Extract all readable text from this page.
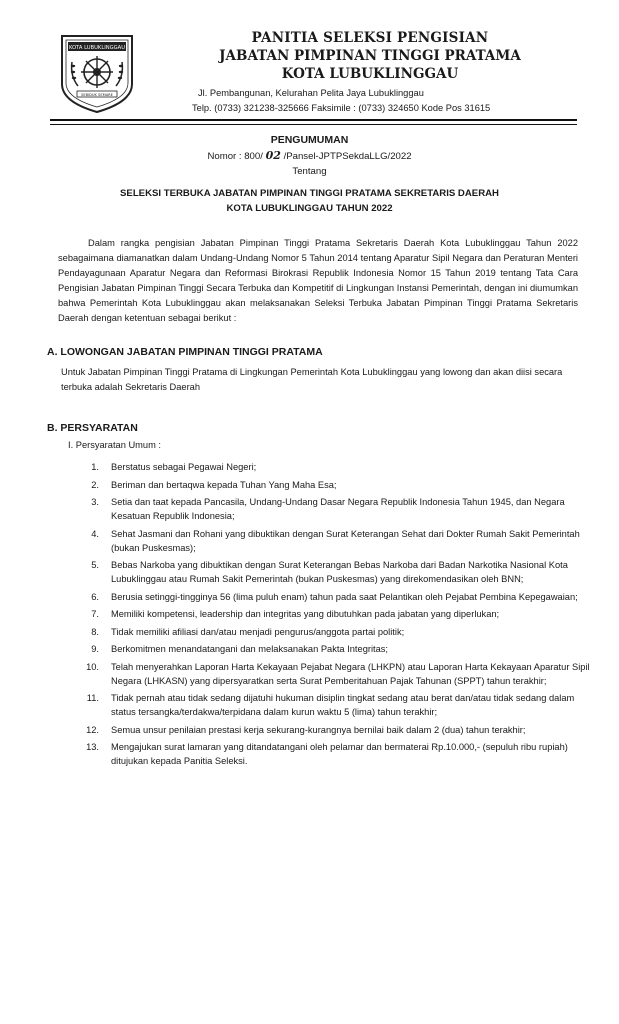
KOTA LUBUKLINGGAU
SEBIDUK SEMARE
PANITIA SELEKSI PENGISIAN
JABATAN PIMPINAN TINGGI PRATAMA
KOTA LUBUKLINGGAU
Jl. Pembangunan, Kelurahan Pelita Jaya Lubuklinggau
Telp. (0733) 321238-325666 Faksimile : (0733) 324650 Kode Pos 31615
PENGUMUMAN
Nomor : 800/ 02 /Pansel-JPTPSekdaLLG/2022
Tentang
SELEKSI TERBUKA JABATAN PIMPINAN TINGGI PRATAMA SEKRETARIS DAERAH
KOTA LUBUKLINGGAU TAHUN 2022
Dalam rangka pengisian Jabatan Pimpinan Tinggi Pratama Sekretaris Daerah Kota Lubuklinggau Tahun 2022 sebagaimana diamanatkan dalam Undang-Undang Nomor 5 Tahun 2014 tentang Aparatur Sipil Negara dan Peraturan Menteri Pendayagunaan Aparatur Negara dan Reformasi Birokrasi Republik Indonesia Nomor 15 Tahun 2019 tentang Tata Cara Pengisian Jabatan Pimpinan Tinggi Secara Terbuka dan Kompetitif di Lingkungan Instansi Pemerintah, dengan ini diumumkan bahwa Pemerintah Kota Lubuklinggau akan melaksanakan Seleksi Terbuka Jabatan Pimpinan Tinggi Pratama Sekretaris Daerah dengan ketentuan sebagai berikut :
A. LOWONGAN JABATAN PIMPINAN TINGGI PRATAMA
Untuk Jabatan Pimpinan Tinggi Pratama di Lingkungan Pemerintah Kota Lubuklinggau yang lowong dan akan diisi secara terbuka adalah Sekretaris Daerah
B. PERSYARATAN
I. Persyaratan Umum :
1.	Berstatus sebagai Pegawai Negeri;
2.	Beriman dan bertaqwa kepada Tuhan Yang Maha Esa;
3.	Setia dan taat kepada Pancasila, Undang-Undang Dasar Negara Republik Indonesia Tahun 1945, dan Negara Kesatuan Republik Indonesia;
4.	Sehat Jasmani dan Rohani yang dibuktikan dengan Surat Keterangan Sehat dari Dokter Rumah Sakit Pemerintah (bukan Puskesmas);
5.	Bebas Narkoba yang dibuktikan dengan Surat Keterangan Bebas Narkoba dari Badan Narkotika Nasional Kota Lubuklinggau atau Rumah Sakit Pemerintah (bukan Puskesmas) yang direkomendasikan oleh BNN;
6.	Berusia setinggi-tingginya 56 (lima puluh enam) tahun pada saat Pelantikan oleh Pejabat Pembina Kepegawaian;
7.	Memiliki kompetensi, leadership dan integritas yang dibutuhkan pada jabatan yang diperlukan;
8.	Tidak memiliki afiliasi dan/atau menjadi pengurus/anggota partai politik;
9.	Berkomitmen menandatangani dan melaksanakan Pakta Integritas;
10.	Telah menyerahkan Laporan Harta Kekayaan Pejabat Negara (LHKPN) atau Laporan Harta Kekayaan Aparatur Sipil Negara (LHKASN) yang dipersyaratkan serta Surat Pemberitahuan Pajak Tahunan (SPPT) tahun terakhir;
11.	Tidak pernah atau tidak sedang dijatuhi hukuman disiplin tingkat sedang atau berat dan/atau tidak sedang dalam status tersangka/terdakwa/terpidana dalam kurun waktu 5 (lima) tahun terakhir;
12.	Semua unsur penilaian prestasi kerja sekurang-kurangnya bernilai baik dalam 2 (dua) tahun terakhir;
13.	Mengajukan surat lamaran yang ditandatangani oleh pelamar dan bermaterai Rp.10.000,- (sepuluh ribu rupiah) ditujukan kepada Panitia Seleksi.
